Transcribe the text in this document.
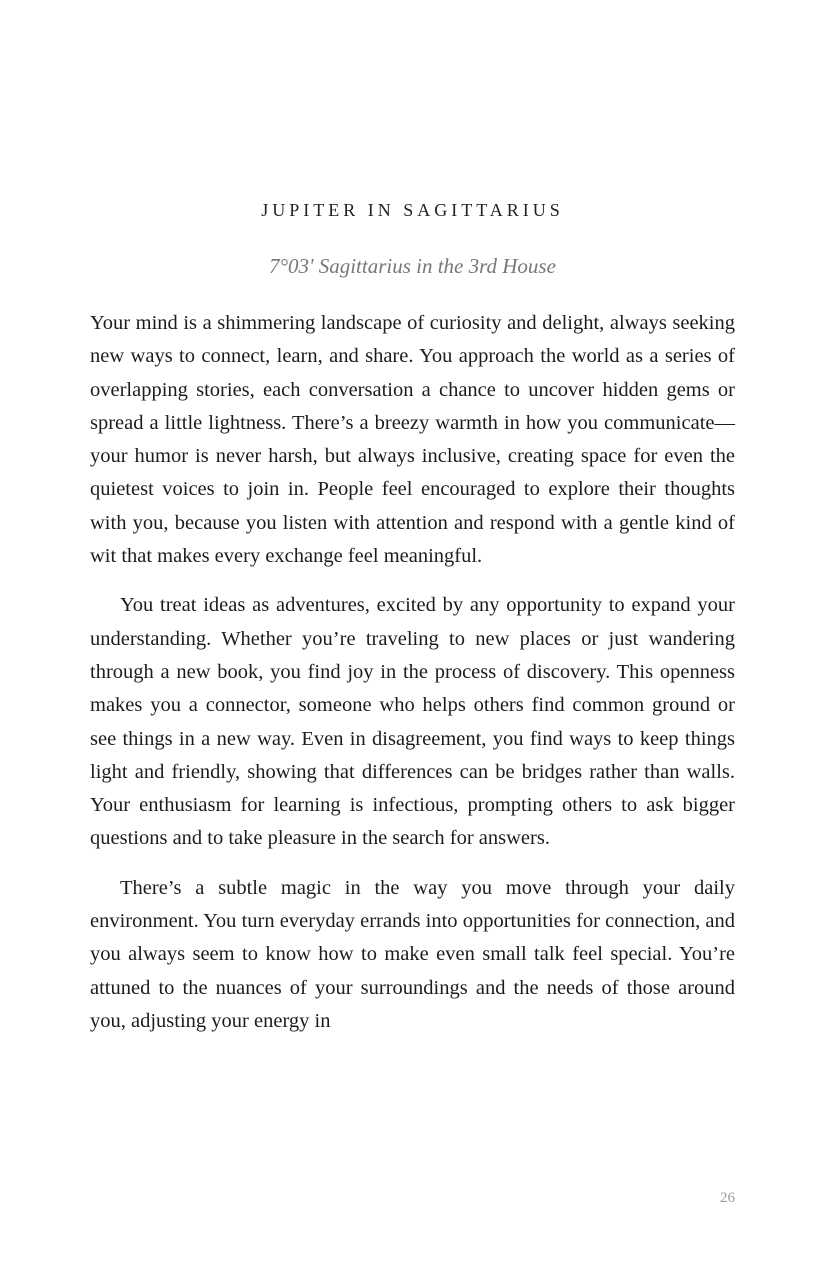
JUPITER IN SAGITTARIUS
7°03' Sagittarius in the 3rd House

Your mind is a shimmering landscape of curiosity and delight, always seeking new ways to connect, learn, and share. You approach the world as a series of overlapping stories, each conversation a chance to uncover hidden gems or spread a little lightness. There’s a breezy warmth in how you communicate—your humor is never harsh, but always inclusive, creating space for even the quietest voices to join in. People feel encouraged to explore their thoughts with you, because you listen with attention and respond with a gentle kind of wit that makes every exchange feel meaningful.

You treat ideas as adventures, excited by any opportunity to expand your understanding. Whether you’re traveling to new places or just wandering through a new book, you find joy in the process of discovery. This openness makes you a connector, someone who helps others find common ground or see things in a new way. Even in disagreement, you find ways to keep things light and friendly, showing that differences can be bridges rather than walls. Your enthusiasm for learning is infectious, prompting others to ask bigger questions and to take pleasure in the search for answers.

There’s a subtle magic in the way you move through your daily environment. You turn everyday errands into opportunities for connection, and you always seem to know how to make even small talk feel special. You’re attuned to the nuances of your surroundings and the needs of those around you, adjusting your energy in

26
